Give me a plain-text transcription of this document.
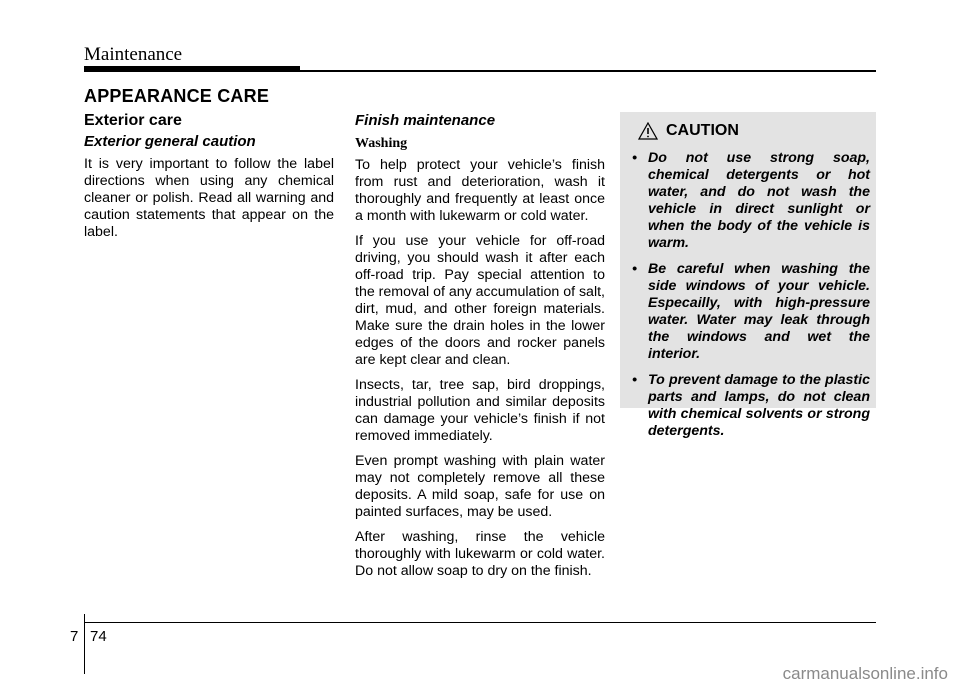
Maintenance
APPEARANCE CARE
Exterior care
Exterior general caution

It is very important to follow the label directions when using any chemical cleaner or polish. Read all warning and caution statements that appear on the label.

Finish maintenance
Washing

To help protect your vehicle’s finish from rust and deterioration, wash it thoroughly and frequently at least once a month with lukewarm or cold water.

If you use your vehicle for off-road driving, you should wash it after each off-road trip. Pay special attention to the removal of any accumulation of salt, dirt, mud, and other foreign materials. Make sure the drain holes in the lower edges of the doors and rocker panels are kept clear and clean.

Insects, tar, tree sap, bird droppings, industrial pollution and similar deposits can damage your vehicle’s finish if not removed immediately.

Even prompt washing with plain water may not completely remove all these deposits. A mild soap, safe for use on painted surfaces, may be used.

After washing, rinse the vehicle thoroughly with lukewarm or cold water. Do not allow soap to dry on the finish.

CAUTION
• Do not use strong soap, chemical detergents or hot water, and do not wash the vehicle in direct sunlight or when the body of the vehicle is warm.
• Be careful when washing the side windows of your vehicle. Especailly, with high-pressure water. Water may leak through the windows and wet the interior.
• To prevent damage to the plastic parts and lamps, do not clean with chemical solvents or strong detergents.
7 74
carmanualsonline.info
